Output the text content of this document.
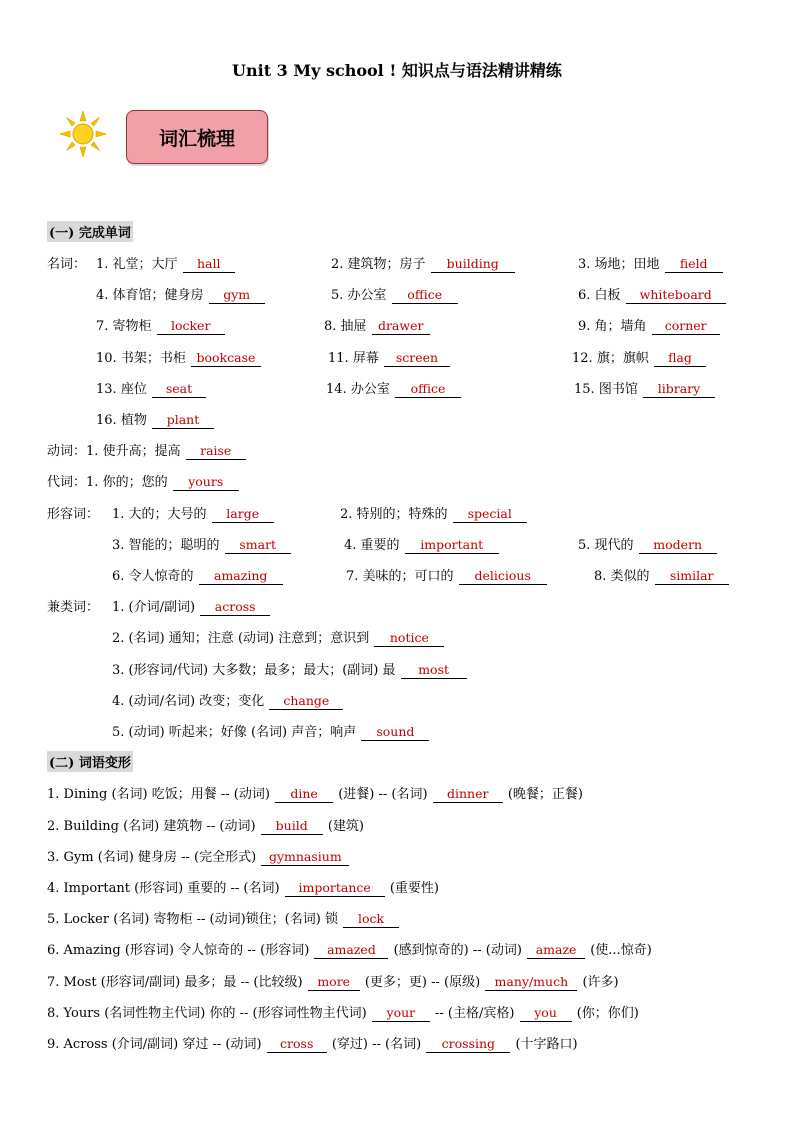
Unit 3 My school ! 知识点与语法精讲精练
词汇梳理
(一) 完成单词
名词： 1. 礼堂；大厅 hall	2. 建筑物；房子 building	3. 场地；田地 field
4. 体育馆；健身房 gym	5. 办公室 office	6. 白板 whiteboard
7. 寄物柜 locker	8. 抽屉 drawer	9. 角；墙角 corner
10. 书架；书柜 bookcase	11. 屏幕 screen	12. 旗；旗帜 flag
13. 座位 seat	14. 办公室 office	15. 图书馆 library
16. 植物 plant
动词：1. 使升高；提高 raise
代词：1. 你的；您的 yours
形容词： 1. 大的；大号的 large	2. 特别的；特殊的 special
3. 智能的；聪明的 smart	4. 重要的 important	5. 现代的 modern
6. 令人惊奇的 amazing	7. 美味的；可口的 delicious	8. 类似的 similar
兼类词： 1. (介词/副词) across
2. (名词) 通知；注意 (动词) 注意到；意识到 notice
3. (形容词/代词) 大多数；最多；最大；(副词) 最 most
4. (动词/名词) 改变；变化 change
5. (动词) 听起来；好像 (名词) 声音；响声 sound
(二) 词语变形
1. Dining (名词) 吃饭；用餐 -- (动词) dine (进餐) -- (名词) dinner (晚餐；正餐)
2. Building (名词) 建筑物 -- (动词) build (建筑)
3. Gym (名词) 健身房 -- (完全形式) gymnasium
4. Important (形容词) 重要的 -- (名词) importance (重要性)
5. Locker (名词) 寄物柜 -- (动词)锁住；(名词) 锁 lock
6. Amazing (形容词) 令人惊奇的 -- (形容词) amazed (感到惊奇的) -- (动词) amaze (使...惊奇)
7. Most (形容词/副词) 最多；最 -- (比较级) more (更多；更) -- (原级) many/much (许多)
8. Yours (名词性物主代词) 你的 -- (形容词性物主代词) your -- (主格/宾格) you (你；你们)
9. Across (介词/副词) 穿过 -- (动词) cross (穿过) -- (名词) crossing (十字路口)
